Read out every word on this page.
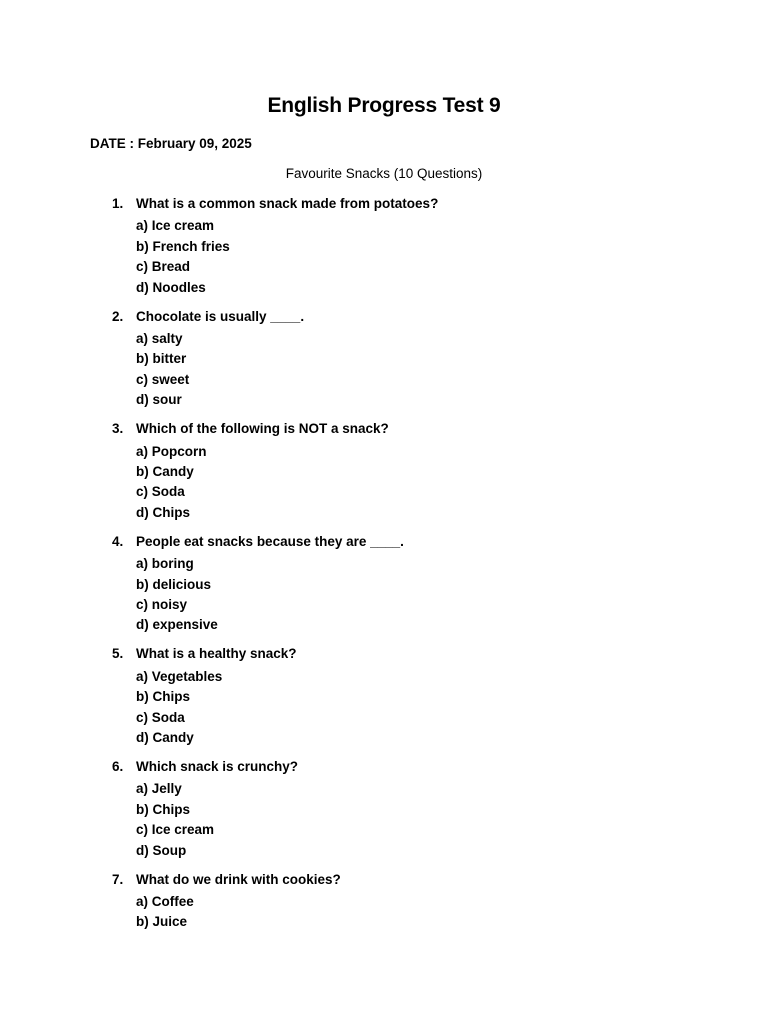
English Progress Test 9
DATE : February 09, 2025
Favourite Snacks (10 Questions)
1. What is a common snack made from potatoes?
a) Ice cream
b) French fries
c) Bread
d) Noodles
2. Chocolate is usually ____.
a) salty
b) bitter
c) sweet
d) sour
3. Which of the following is NOT a snack?
a) Popcorn
b) Candy
c) Soda
d) Chips
4. People eat snacks because they are ____.
a) boring
b) delicious
c) noisy
d) expensive
5. What is a healthy snack?
a) Vegetables
b) Chips
c) Soda
d) Candy
6. Which snack is crunchy?
a) Jelly
b) Chips
c) Ice cream
d) Soup
7. What do we drink with cookies?
a) Coffee
b) Juice
